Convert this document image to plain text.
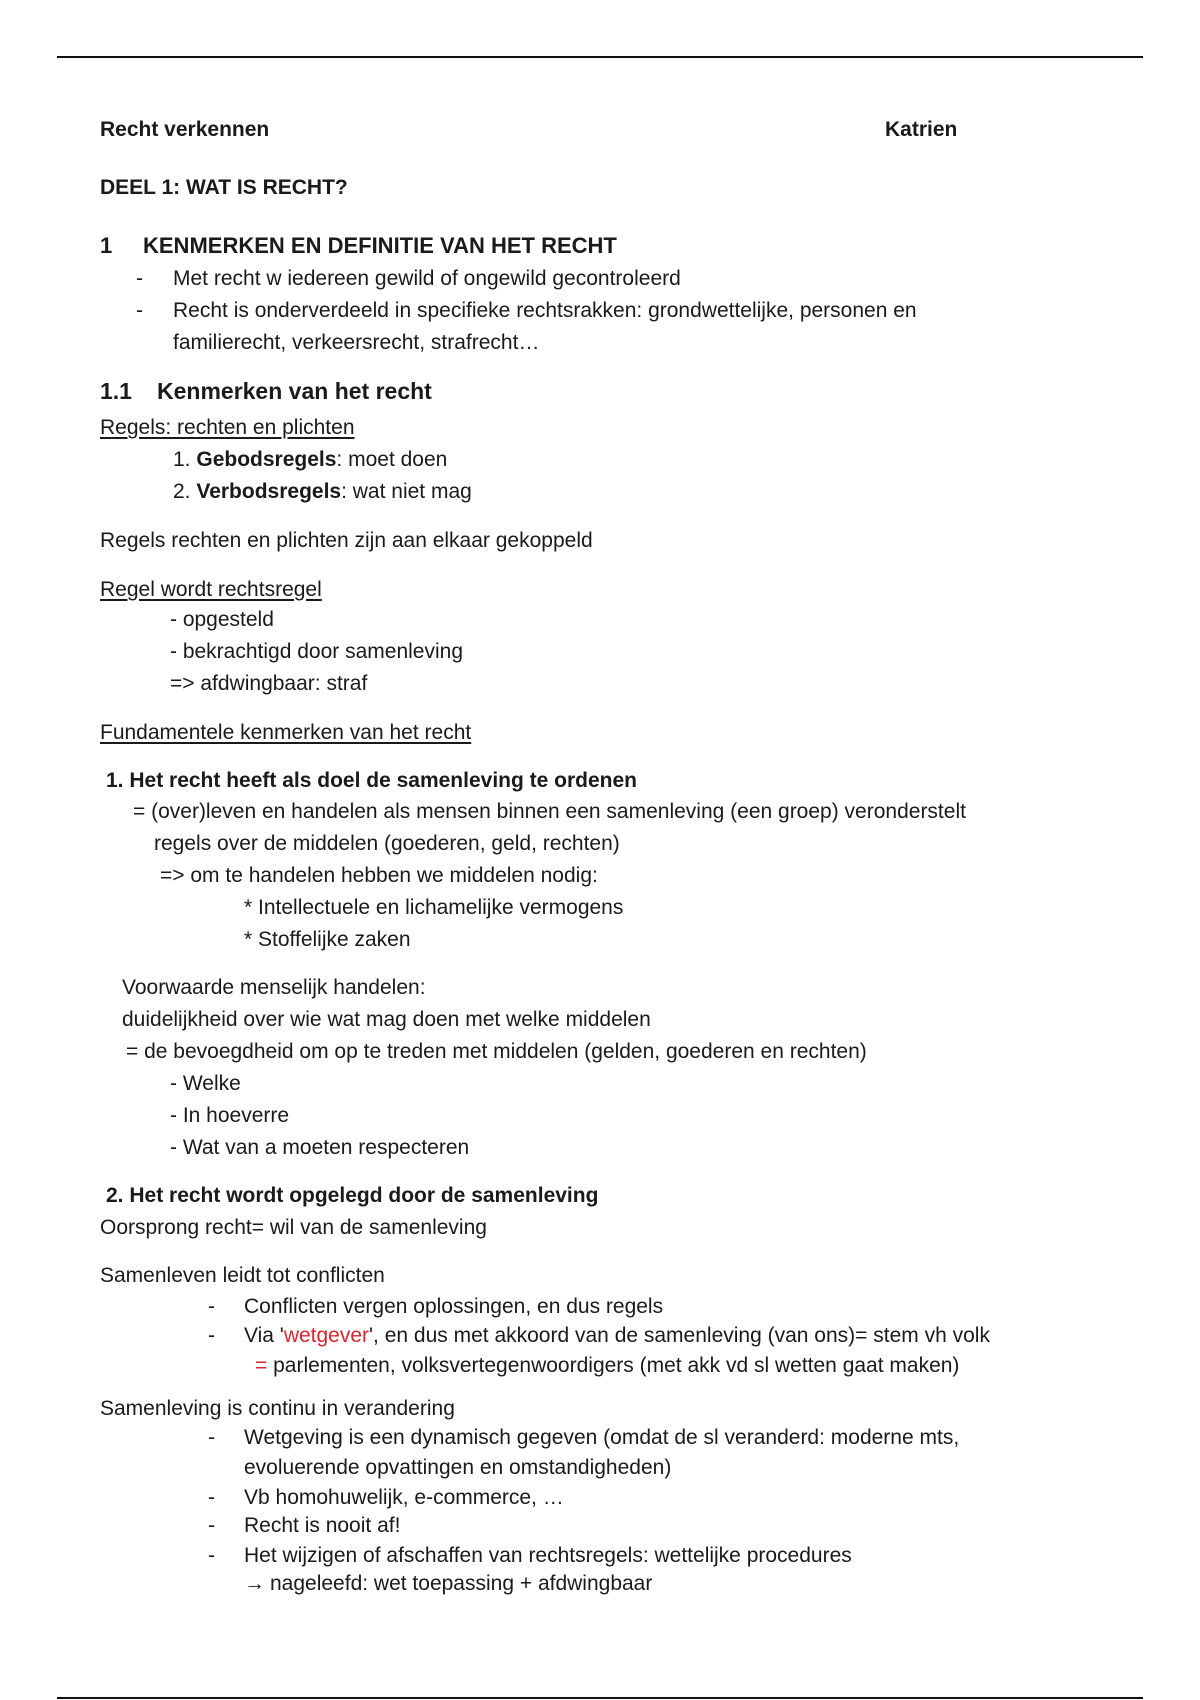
Recht verkennen	Katrien
DEEL 1: WAT IS RECHT?
1 KENMERKEN EN DEFINITIE VAN HET RECHT
- Met recht w iedereen gewild of ongewild gecontroleerd
- Recht is onderverdeeld in specifieke rechtsrakken: grondwettelijke, personen en
familierecht, verkeersrecht, strafrecht…
1.1 Kenmerken van het recht
Regels: rechten en plichten
1. Gebodsregels: moet doen
2. Verbodsregels: wat niet mag
Regels rechten en plichten zijn aan elkaar gekoppeld
Regel wordt rechtsregel
- opgesteld
- bekrachtigd door samenleving
=> afdwingbaar: straf
Fundamentele kenmerken van het recht
1. Het recht heeft als doel de samenleving te ordenen
= (over)leven en handelen als mensen binnen een samenleving (een groep) veronderstelt
regels over de middelen (goederen, geld, rechten)
=> om te handelen hebben we middelen nodig:
* Intellectuele en lichamelijke vermogens
* Stoffelijke zaken
Voorwaarde menselijk handelen:
duidelijkheid over wie wat mag doen met welke middelen
= de bevoegdheid om op te treden met middelen (gelden, goederen en rechten)
- Welke
- In hoeverre
- Wat van a moeten respecteren
2. Het recht wordt opgelegd door de samenleving
Oorsprong recht= wil van de samenleving
Samenleven leidt tot conflicten
- Conflicten vergen oplossingen, en dus regels
- Via 'wetgever', en dus met akkoord van de samenleving (van ons)= stem vh volk
= parlementen, volksvertegenwoordigers (met akk vd sl wetten gaat maken)
Samenleving is continu in verandering
- Wetgeving is een dynamisch gegeven (omdat de sl veranderd: moderne mts,
evoluerende opvattingen en omstandigheden)
- Vb homohuwelijk, e-commerce, …
- Recht is nooit af!
- Het wijzigen of afschaffen van rechtsregels: wettelijke procedures
→ nageleefd: wet toepassing + afdwingbaar
